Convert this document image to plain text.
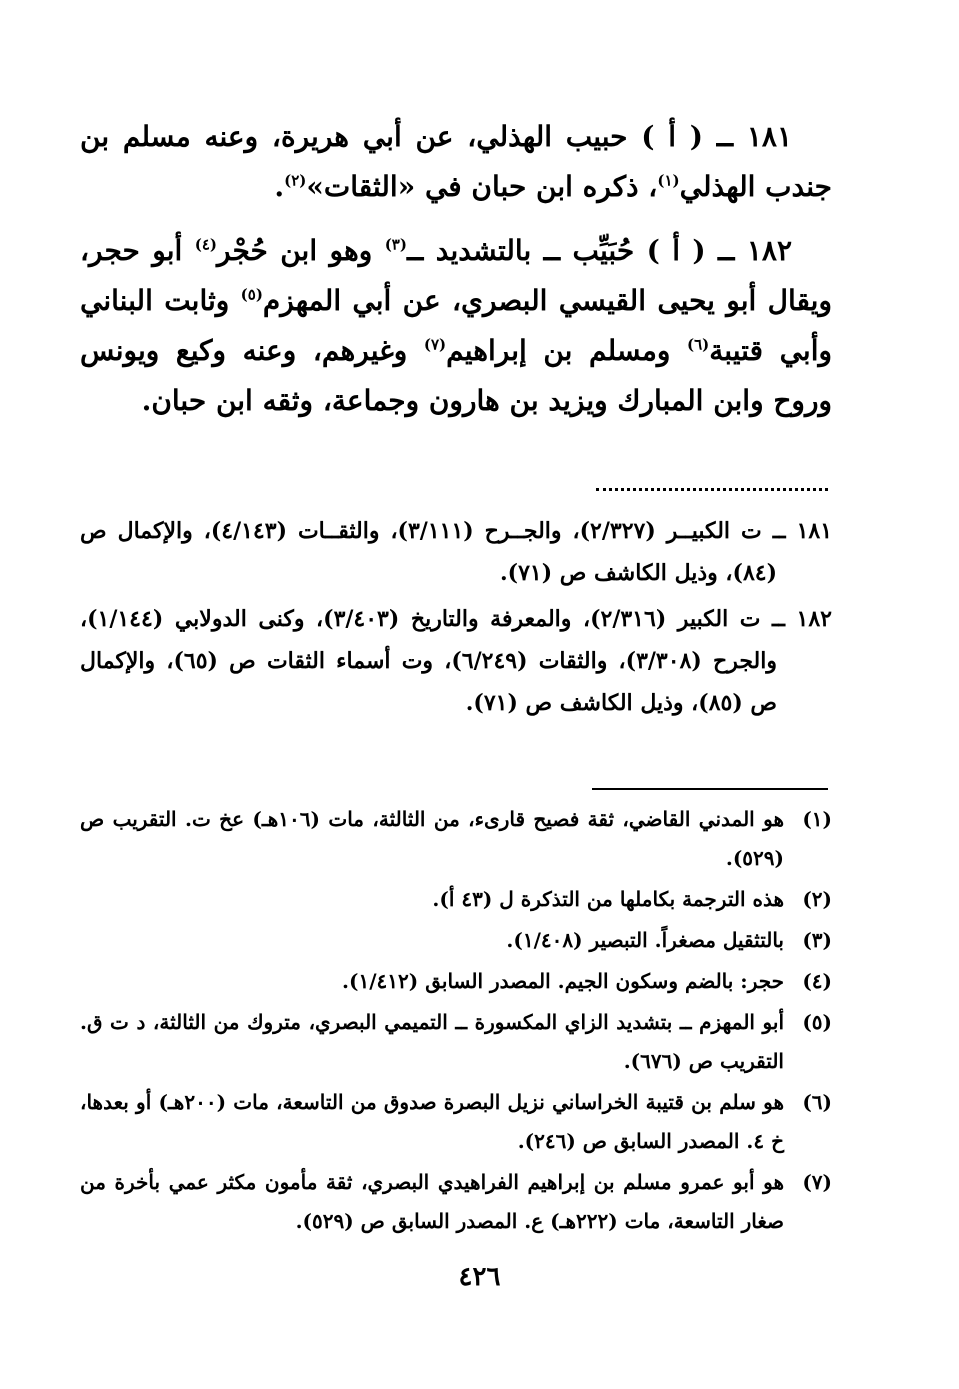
١٨١ ــ ( أ ) حبيب الهذلي، عن أبي هريرة، وعنه مسلم بن جندب الهذلي$^{(١)}$، ذكره ابن حبان في «الثقات»$^{(٢)}$.

١٨٢ ــ ( أ ) حُبَيِّب ــ بالتشديد ــ$^{(٣)}$ وهو ابن حُجْر$^{(٤)}$ أبو حجر، ويقال أبو يحيى القيسي البصري، عن أبي المهزم$^{(٥)}$ وثابت البناني وأبي قتيبة$^{(٦)}$ ومسلم بن إبراهيم$^{(٧)}$ وغيرهم، وعنه وكيع ويونس وروح وابن المبارك ويزيد بن هارون وجماعة، وثقه ابن حبان.

١٨١ ــ ت الكبيــر (٢/٣٢٧)، والجــرح (٣/١١١)، والثقــات (٤/١٤٣)، والإكمال ص (٨٤)، وذيل الكاشف ص (٧١).
١٨٢ ــ ت الكبير (٢/٣١٦)، والمعرفة والتاريخ (٣/٤٠٣)، وكنى الدولابي (١/١٤٤)، والجرح (٣/٣٠٨)، والثقات (٦/٢٤٩)، وت أسماء الثقات ص (٦٥)، والإكمال ص (٨٥)، وذيل الكاشف ص (٧١).
(١)
هو المدني القاضي، ثقة فصيح قارىء، من الثالثة، مات (١٠٦هـ) عخ ت. التقريب ص (٥٢٩).
(٢)
هذه الترجمة بكاملها من التذكرة ل (٤٣ أ).
(٣)
بالتثقيل مصغراً. التبصير (١/٤٠٨).
(٤)
حجر: بالضم وسكون الجيم. المصدر السابق (١/٤١٢).
(٥)
أبو المهزم ــ بتشديد الزاي المكسورة ــ التميمي البصري، متروك من الثالثة، د ت ق. التقريب ص (٦٧٦).
(٦)
هو سلم بن قتيبة الخراساني نزيل البصرة صدوق من التاسعة، مات (٢٠٠هـ) أو بعدها، خ ٤. المصدر السابق ص (٢٤٦).
(٧)
هو أبو عمرو مسلم بن إبراهيم الفراهيدي البصري، ثقة مأمون مكثر عمي بأخرة من صغار التاسعة، مات (٢٢٢هـ) ع. المصدر السابق ص (٥٢٩).
٤٢٦
